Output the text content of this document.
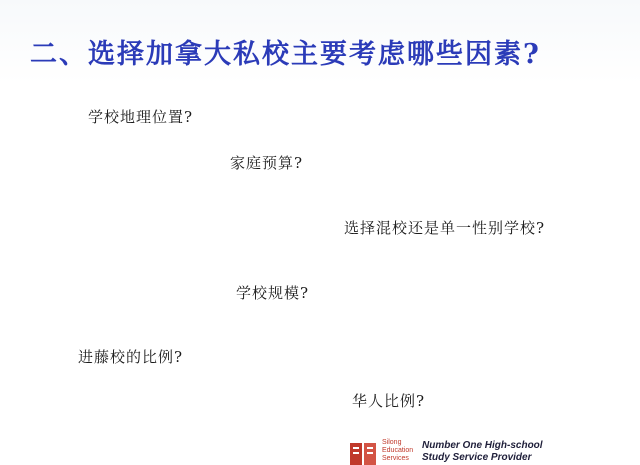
二、选择加拿大私校主要考虑哪些因素?
学校地理位置?
家庭预算?
选择混校还是单一性别学校?
学校规模?
进藤校的比例?
华人比例?
Silong
Education
Services
Number One High-school
Study Service Provider
